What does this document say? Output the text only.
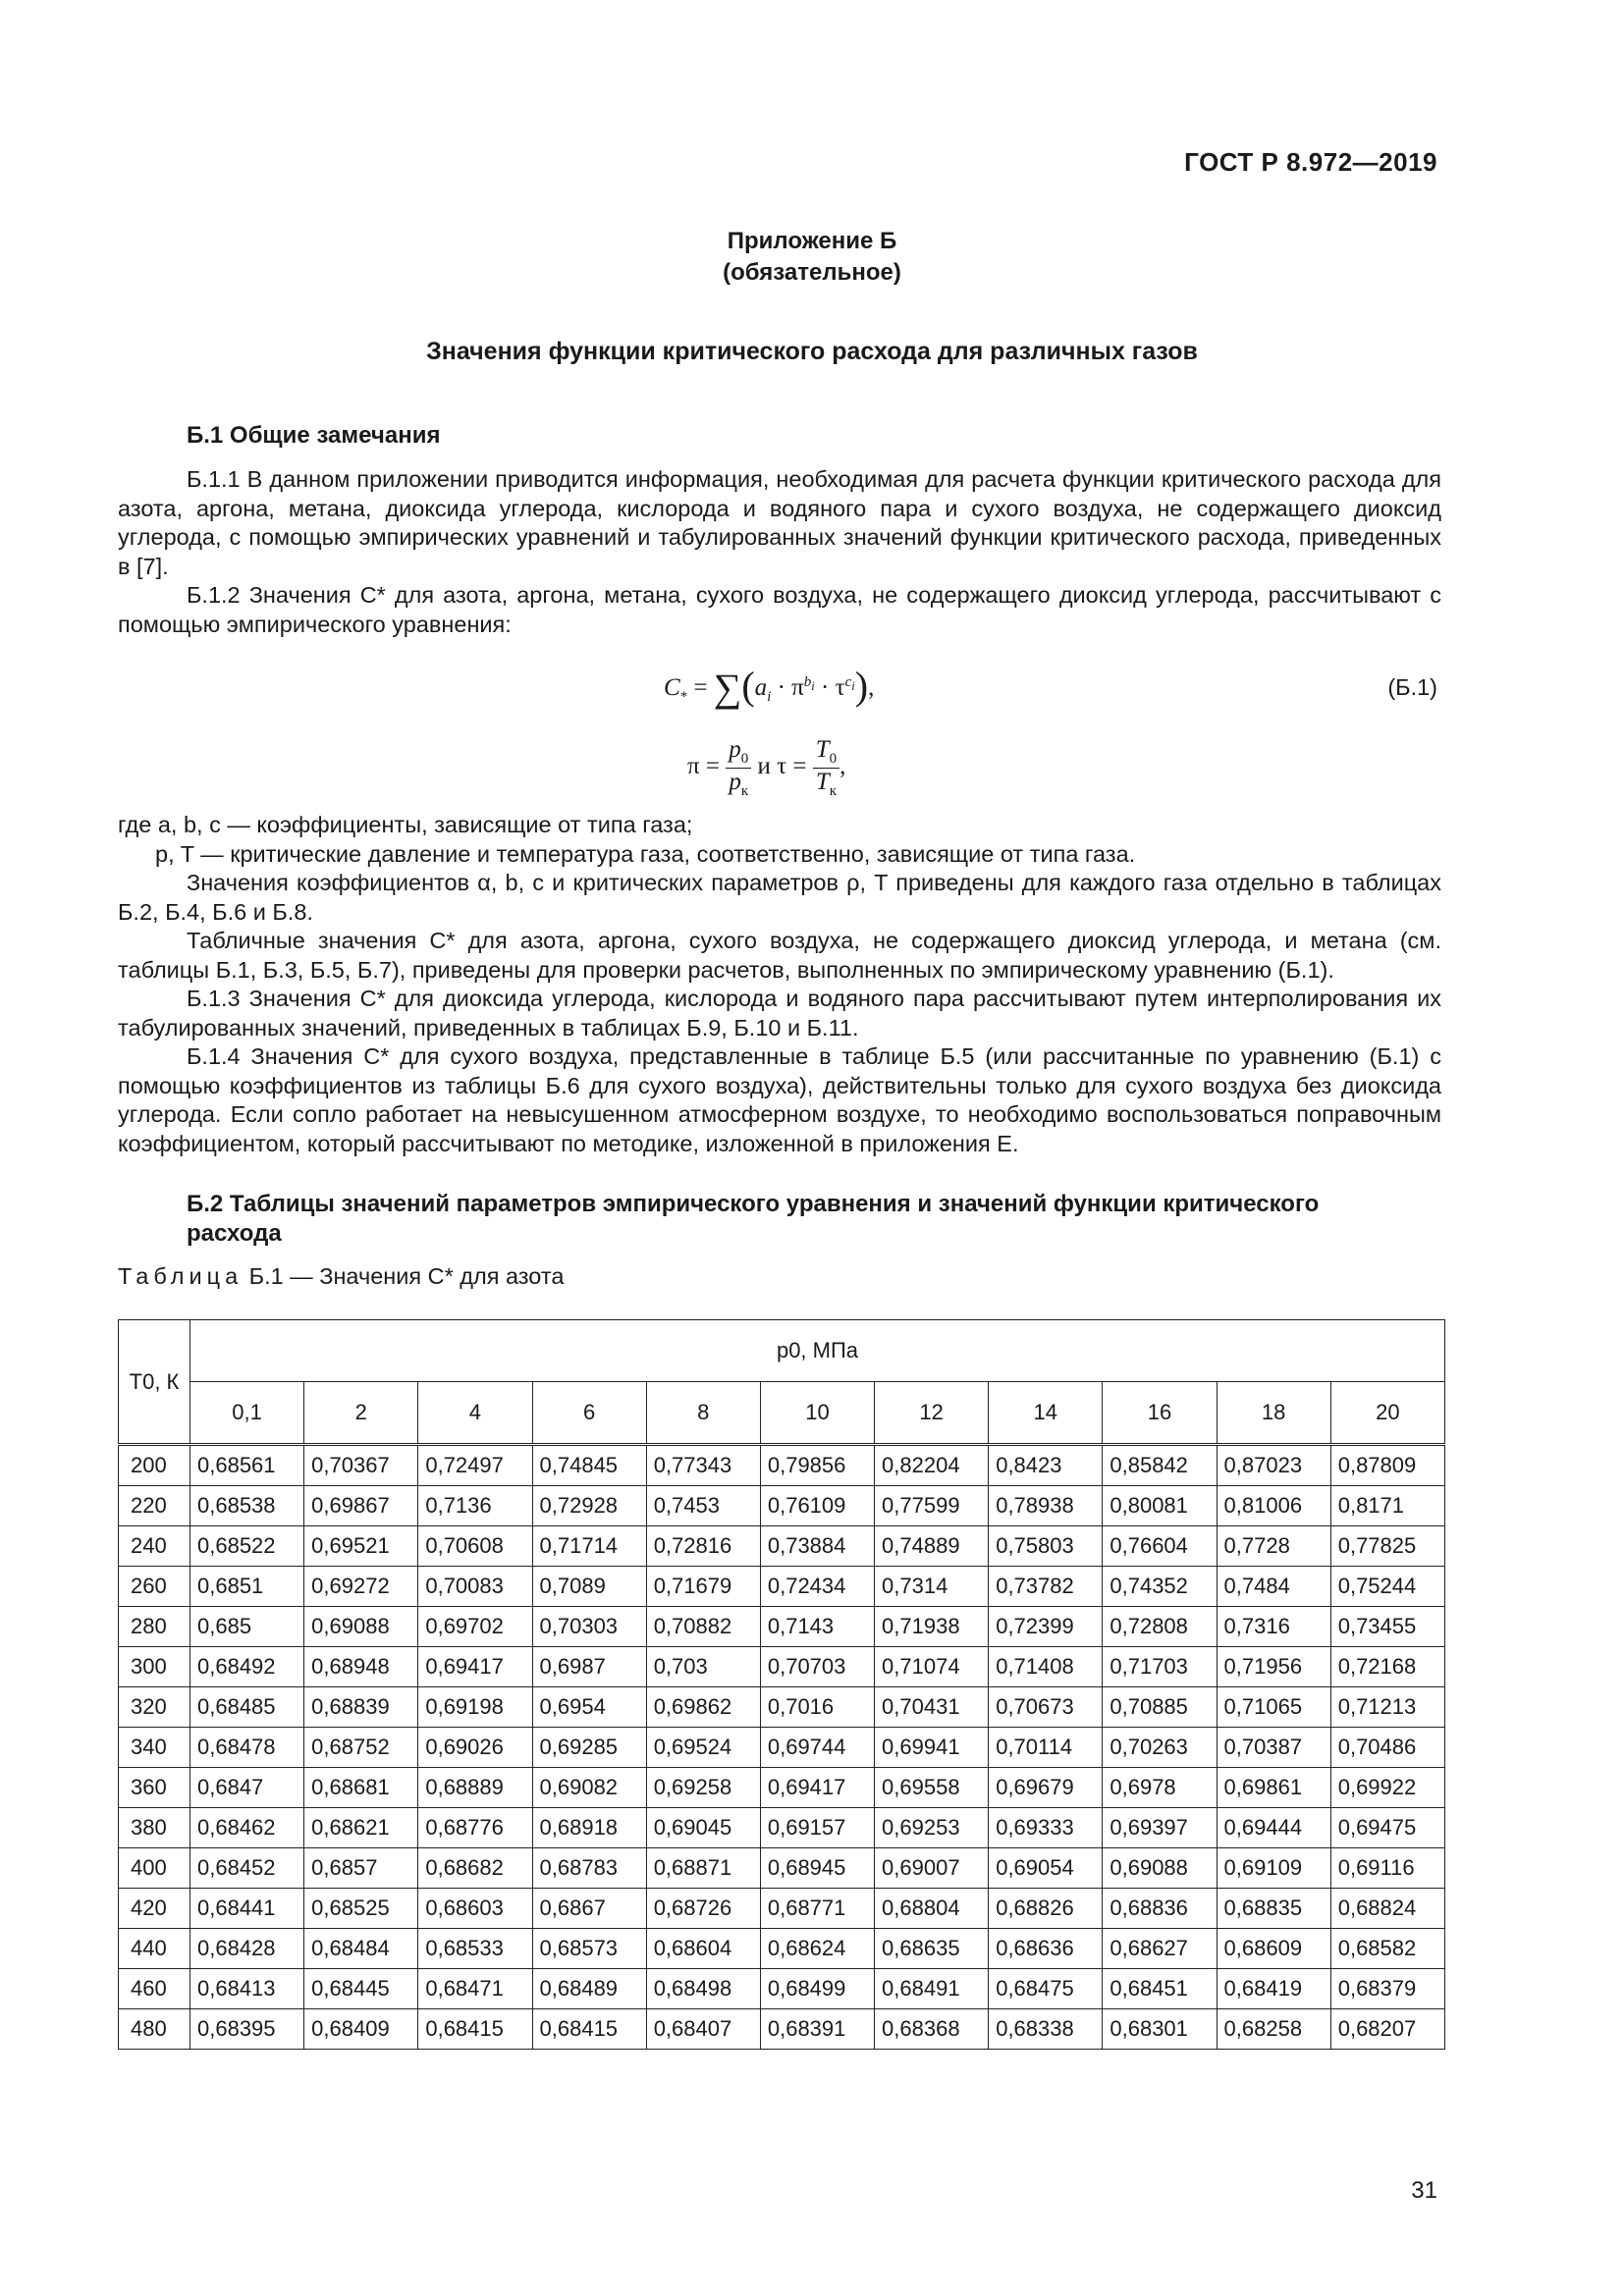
ГОСТ Р 8.972—2019
Приложение Б
(обязательное)
Значения функции критического расхода для различных газов
Б.1 Общие замечания

Б.1.1 В данном приложении приводится информация, необходимая для расчета функции критического расхода для азота, аргона, метана, диоксида углерода, кислорода и водяного пара и сухого воздуха, не содержащего диоксид углерода, с помощью эмпирических уравнений и табулированных значений функции критического расхода, приведенных в [7].

Б.1.2 Значения C* для азота, аргона, метана, сухого воздуха, не содержащего диоксид углерода, рассчитывают с помощью эмпирического уравнения:

$C_* = \sum(a_i \cdot \pi^{b_i} \cdot \tau^{c_i})$,	(Б.1)
$\pi = \frac{p_0}{p_к}$ и $\tau = \frac{T_0}{T_к}$ ,

где a, b, c — коэффициенты, зависящие от типа газа;

p, T — критические давление и температура газа, соответственно, зависящие от типа газа.

Значения коэффициентов α, b, c и критических параметров ρ, T приведены для каждого газа отдельно в таблицах Б.2, Б.4, Б.6 и Б.8.

Табличные значения C* для азота, аргона, сухого воздуха, не содержащего диоксид углерода, и метана (см. таблицы Б.1, Б.3, Б.5, Б.7), приведены для проверки расчетов, выполненных по эмпирическому уравнению (Б.1).

Б.1.3 Значения C* для диоксида углерода, кислорода и водяного пара рассчитывают путем интерполирования их табулированных значений, приведенных в таблицах Б.9, Б.10 и Б.11.

Б.1.4 Значения C* для сухого воздуха, представленные в таблице Б.5 (или рассчитанные по уравнению (Б.1) с помощью коэффициентов из таблицы Б.6 для сухого воздуха), действительны только для сухого воздуха без диоксида углерода. Если сопло работает на невысушенном атмосферном воздухе, то необходимо воспользоваться поправочным коэффициентом, который рассчитывают по методике, изложенной в приложения Е.

Б.2 Таблицы значений параметров эмпирического уравнения и значений функции критического расхода
Таблица Б.1 — Значения C* для азота
T0, К	p0, МПа										
	0,1	2	4	6	8	10	12	14	16	18	20
200	0,68561	0,70367	0,72497	0,74845	0,77343	0,79856	0,82204	0,8423	0,85842	0,87023	0,87809
220	0,68538	0,69867	0,7136	0,72928	0,7453	0,76109	0,77599	0,78938	0,80081	0,81006	0,8171
240	0,68522	0,69521	0,70608	0,71714	0,72816	0,73884	0,74889	0,75803	0,76604	0,7728	0,77825
260	0,6851	0,69272	0,70083	0,7089	0,71679	0,72434	0,7314	0,73782	0,74352	0,7484	0,75244
280	0,685	0,69088	0,69702	0,70303	0,70882	0,7143	0,71938	0,72399	0,72808	0,7316	0,73455
300	0,68492	0,68948	0,69417	0,6987	0,703	0,70703	0,71074	0,71408	0,71703	0,71956	0,72168
320	0,68485	0,68839	0,69198	0,6954	0,69862	0,7016	0,70431	0,70673	0,70885	0,71065	0,71213
340	0,68478	0,68752	0,69026	0,69285	0,69524	0,69744	0,69941	0,70114	0,70263	0,70387	0,70486
360	0,6847	0,68681	0,68889	0,69082	0,69258	0,69417	0,69558	0,69679	0,6978	0,69861	0,69922
380	0,68462	0,68621	0,68776	0,68918	0,69045	0,69157	0,69253	0,69333	0,69397	0,69444	0,69475
400	0,68452	0,6857	0,68682	0,68783	0,68871	0,68945	0,69007	0,69054	0,69088	0,69109	0,69116
420	0,68441	0,68525	0,68603	0,6867	0,68726	0,68771	0,68804	0,68826	0,68836	0,68835	0,68824
440	0,68428	0,68484	0,68533	0,68573	0,68604	0,68624	0,68635	0,68636	0,68627	0,68609	0,68582
460	0,68413	0,68445	0,68471	0,68489	0,68498	0,68499	0,68491	0,68475	0,68451	0,68419	0,68379
480	0,68395	0,68409	0,68415	0,68415	0,68407	0,68391	0,68368	0,68338	0,68301	0,68258	0,68207
31
